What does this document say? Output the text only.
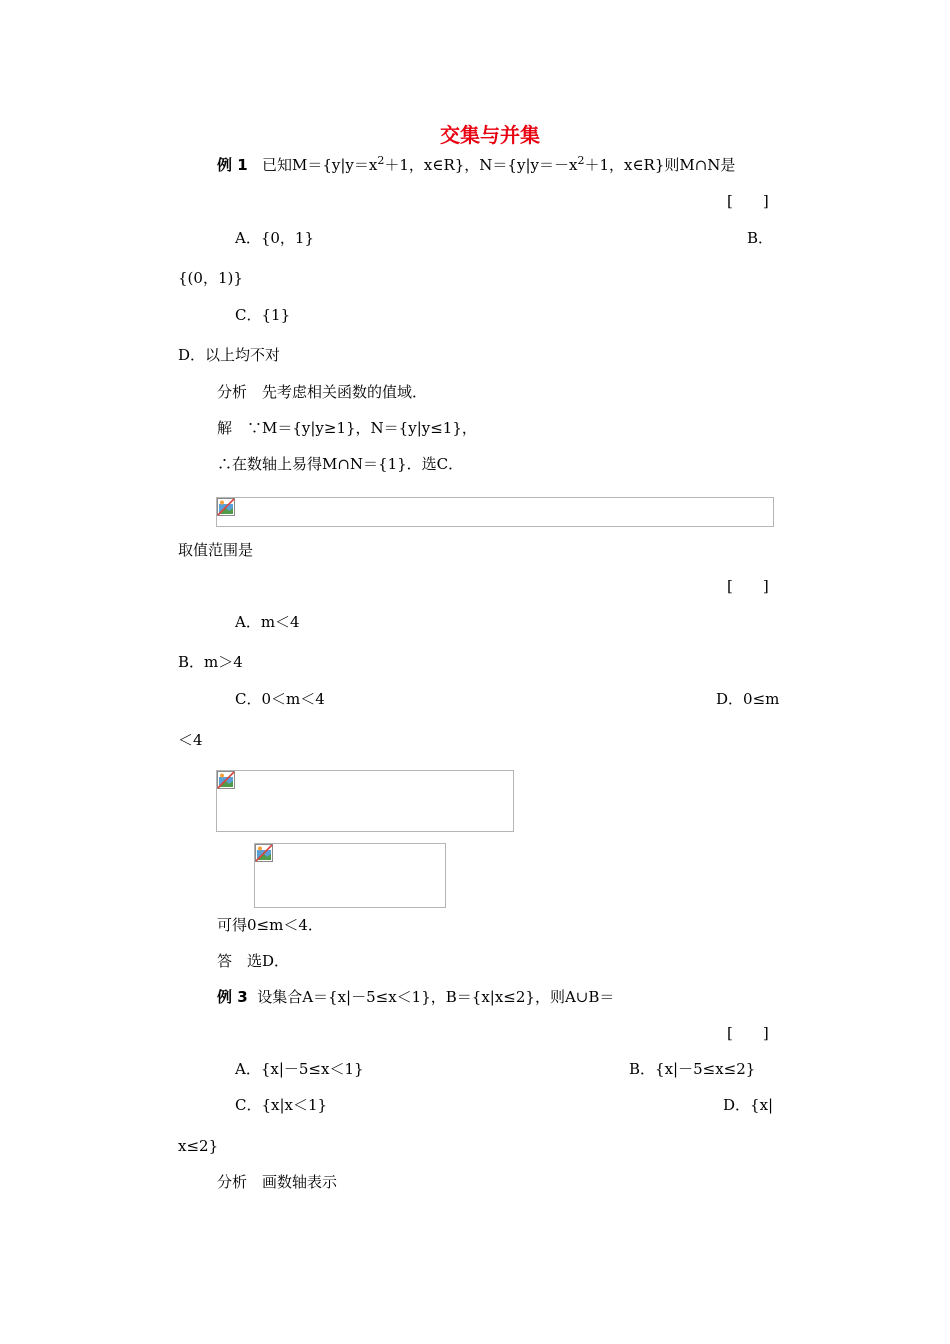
交集与并集
例 1 已知$M=\{y|y=x^2+1$，x∈R}，$N=\{y|y=-x^2+1$，x∈R}则M∩N是
[　　]
A．{0，1}	B．
{(0，1)}
C．{1}
D．以上均不对
分析　先考虑相关函数的值域．
解　∵M＝{y|y≥1}，N＝{y|y≤1}，
∴在数轴上易得M∩N＝{1}．选C．
取值范围是
[　　]
A．m＜4
B．m＞4
C．0＜m＜4	D．0≤m
＜4
可得0≤m＜4．
答　选D．
例 3 设集合A＝{x|－5≤x＜1}，B＝{x|x≤2}，则A∪B＝
[　　]
A．{x|－5≤x＜1}	B．{x|－5≤x≤2}
C．{x|x＜1}	D．{x|
x≤2}
分析　画数轴表示
